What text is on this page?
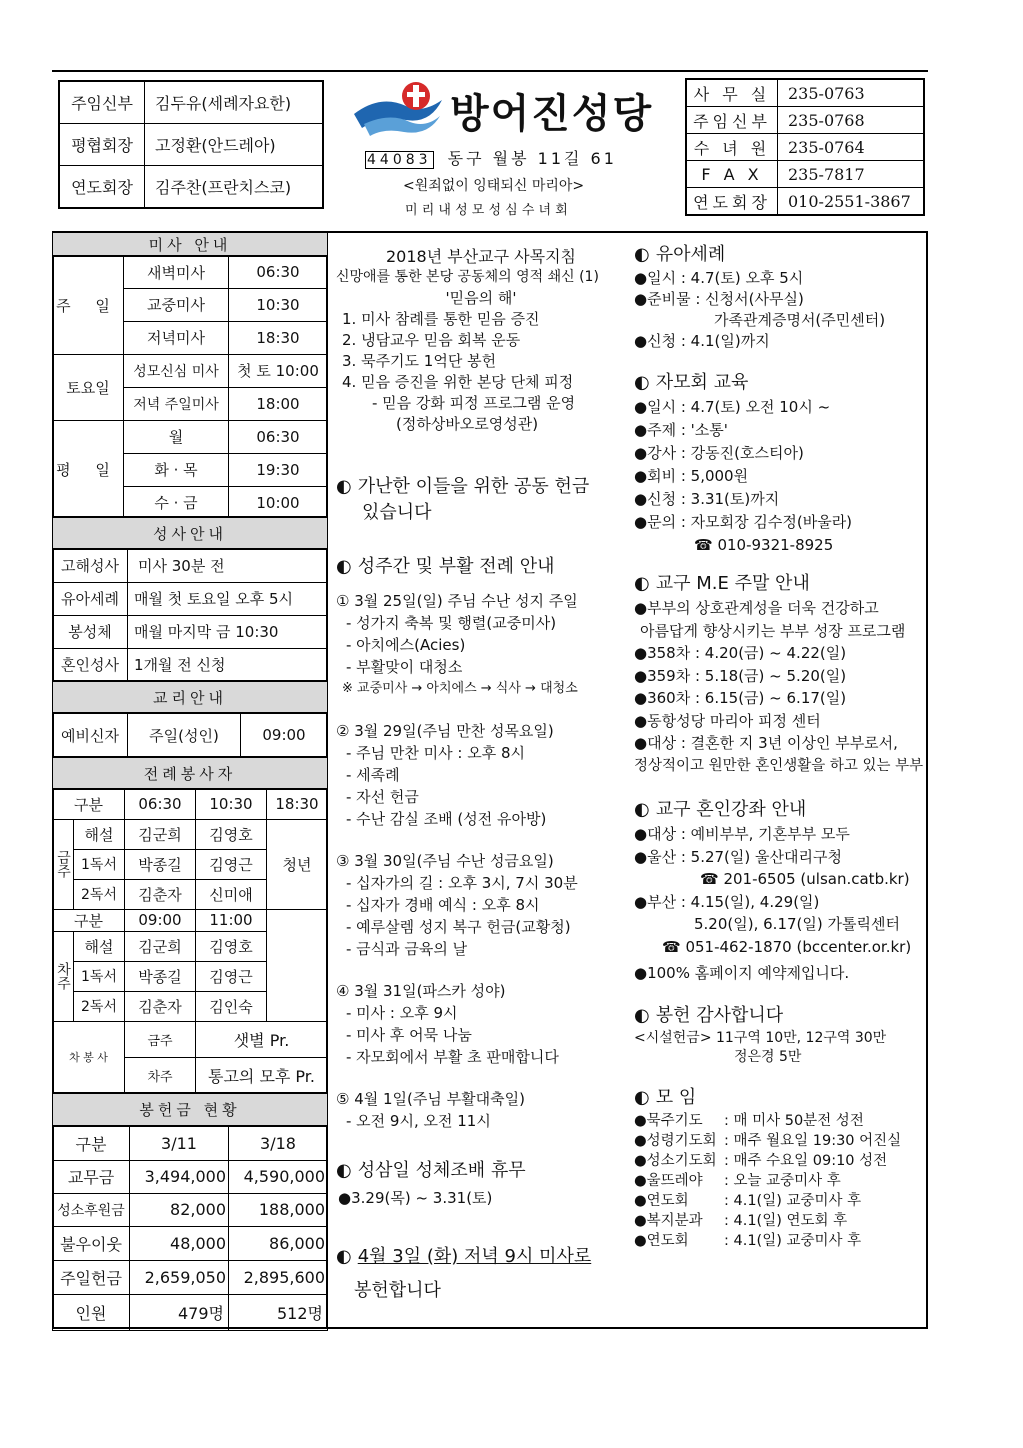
주임신부	김두유(세례자요한)
평협회장	고정환(안드레아)
연도회장	김주찬(프란치스코)
방어진성당
44083 동구 월봉 11길 61
<원죄없이 잉태되신 마리아>
미 리 내 성 모 성 심 수 녀 회
사 무 실	235-0763
주임신부	235-0768
수 녀 원	235-0764
F A X	235-7817
연도회장	010-2551-3867
미사 안내		
주 일	새벽미사	06:30
	교중미사	10:30
	저녁미사	18:30
토요일	성모신심 미사	첫 토 10:00
	저녁 주일미사	18:00
평 일	월	06:30
	화 · 목	19:30
	수 · 금	10:00
성사안내	
고해성사	미사 30분 전
유아세례	매월 첫 토요일 오후 5시
봉성체	매월 마지막 금 10:30
혼인성사	1개월 전 신청
교리안내
예비신자	주일(성인)	09:00
전례봉사자				
구분		06:30	10:30	18:30
금주	해설	김군희	김영호	청년
	1독서	박종길	김영근	
	2독서	김춘자	신미애	
구분		09:00	11:00	
차주	해설	김군희	김영호	
	1독서	박종길	김영근	
	2독서	김춘자	김인숙	
차 봉 사		금주	샛별 Pr.	
		차주	통고의 모후 Pr.	
봉헌금 현황		
구분	3/11	3/18
교무금	3,494,000	4,590,000
성소후원금	82,000	188,000
불우이웃	48,000	86,000
주일헌금	2,659,050	2,895,600
인원	479명	512명
2018년 부산교구 사목지침
신망애를 통한 본당 공동체의 영적 쇄신 (1)
'믿음의 해'
1. 미사 참례를 통한 믿음 증진
2. 냉담교우 믿음 회복 운동
3. 묵주기도 1억단 봉헌
4. 믿음 증진을 위한 본당 단체 피정
- 믿음 강화 피정 프로그램 운영
(정하상바오로영성관)
◐ 가난한 이들을 위한 공동 헌금
있습니다
◐ 성주간 및 부활 전례 안내
① 3월 25일(일) 주님 수난 성지 주일
- 성가지 축복 및 행렬(교중미사)
- 아치에스(Acies)
- 부활맞이 대청소
※ 교중미사 → 아치에스 → 식사 → 대청소
② 3월 29일(주님 만찬 성목요일)
- 주님 만찬 미사 : 오후 8시
- 세족례
- 자선 헌금
- 수난 감실 조배 (성전 유아방)
③ 3월 30일(주님 수난 성금요일)
- 십자가의 길 : 오후 3시, 7시 30분
- 십자가 경배 예식 : 오후 8시
- 예루살렘 성지 복구 헌금(교황청)
- 금식과 금육의 날
④ 3월 31일(파스카 성야)
- 미사 : 오후 9시
- 미사 후 어묵 나눔
- 자모회에서 부활 초 판매합니다
⑤ 4월 1일(주님 부활대축일)
- 오전 9시, 오전 11시
◐ 성삼일 성체조배 휴무
●3.29(목) ~ 3.31(토)
◐ 4월 3일 (화) 저녁 9시 미사로
봉헌합니다
◐ 유아세례
●일시 : 4.7(토) 오후 5시
●준비물 : 신청서(사무실)
가족관계증명서(주민센터)
●신청 : 4.1(일)까지
◐ 자모회 교육
●일시 : 4.7(토) 오전 10시 ~
●주제 : '소통'
●강사 : 강동진(호스티아)
●회비 : 5,000원
●신청 : 3.31(토)까지
●문의 : 자모회장 김수정(바울라)
☎ 010-9321-8925
◐ 교구 M.E 주말 안내
●부부의 상호관계성을 더욱 건강하고
아름답게 향상시키는 부부 성장 프로그램
●358차 : 4.20(금) ~ 4.22(일)
●359차 : 5.18(금) ~ 5.20(일)
●360차 : 6.15(금) ~ 6.17(일)
●동항성당 마리아 피정 센터
●대상 : 결혼한 지 3년 이상인 부부로서,
정상적이고 원만한 혼인생활을 하고 있는 부부
◐ 교구 혼인강좌 안내
●대상 : 예비부부, 기혼부부 모두
●울산 : 5.27(일) 울산대리구청
☎ 201-6505 (ulsan.catb.kr)
●부산 : 4.15(일), 4.29(일)
5.20(일), 6.17(일) 가톨릭센터
☎ 051-462-1870 (bccenter.or.kr)
●100% 홈페이지 예약제입니다.
◐ 봉헌 감사합니다
<시설헌금> 11구역 10만, 12구역 30만
정은경 5만
◐ 모 임
●묵주기도	: 매 미사 50분전 성전
●성령기도회	: 매주 월요일 19:30 어진실
●성소기도회	: 매주 수요일 09:10 성전
●울뜨레야	: 오늘 교중미사 후
●연도회	: 4.1(일) 교중미사 후
●복지분과	: 4.1(일) 연도회 후
●연도회	: 4.1(일) 교중미사 후
